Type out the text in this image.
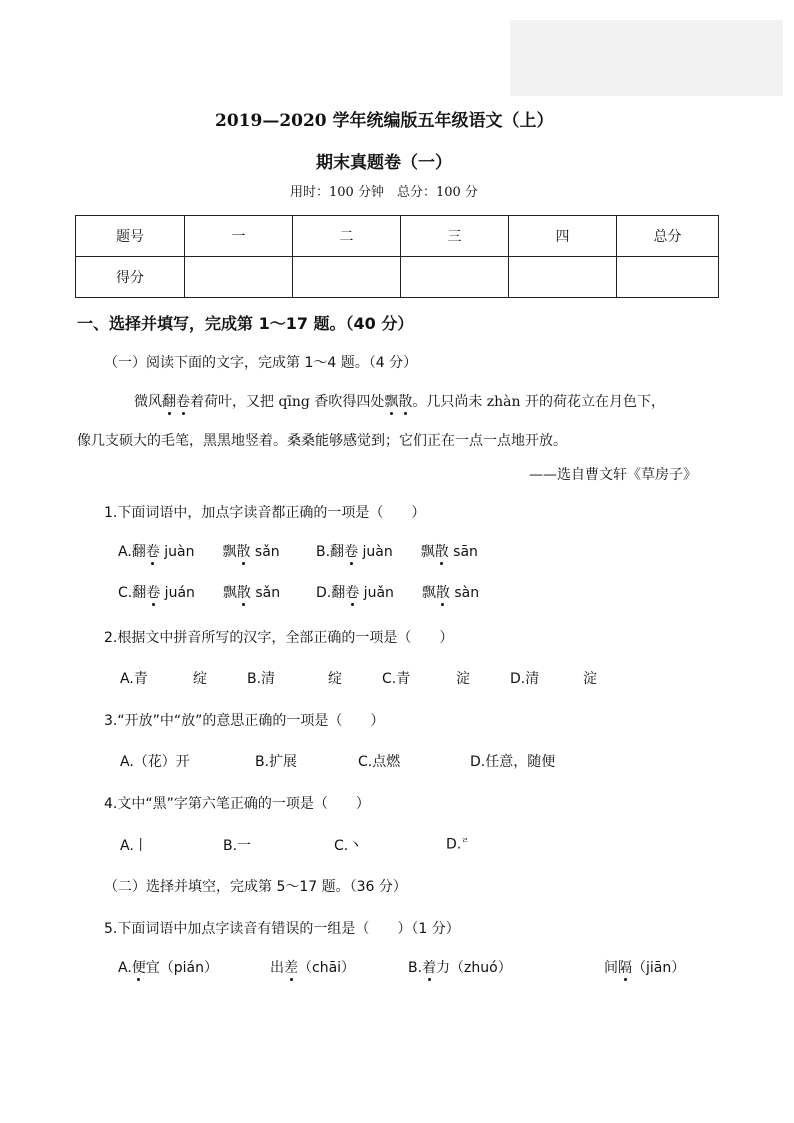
2019—2020 学年统编版五年级语文（上）
期末真题卷（一）
用时：100 分钟　总分：100 分
题号	一	二	三	四	总分
得分					
一、选择并填写，完成第 1～17 题。（40 分）
（一）阅读下面的文字，完成第 1～4 题。（4 分）
微风翻卷着荷叶，又把 qīng 香吹得四处飘散。几只尚未 zhàn 开的荷花立在月色下，
像几支硕大的毛笔，黑黑地竖着。桑桑能够感觉到；它们正在一点一点地开放。
——选自曹文轩《草房子》
1.下面词语中，加点字读音都正确的一项是（　　）
A.翻卷 juàn　　 飘散 sǎn	B.翻卷 juàn　　 飘散 sān
C.翻卷 juán　　 飘散 sǎn	D.翻卷 juǎn　　 飘散 sàn
2.根据文中拼音所写的汉字，全部正确的一项是（　　）
A.青	绽	B.清	绽	C.青	淀	D.清	淀
3.“开放”中“放”的意思正确的一项是（　　）
A.（花）开	B.扩展	C.点燃	D.任意，随便
4.文中“黑”字第六笔正确的一项是（　　）
A.丨	B.一	C.丶	D.$^ㄹ$
（二）选择并填空，完成第 5～17 题。（36 分）
5.下面词语中加点字读音有错误的一组是（　　）（1 分）
A.便宜（pián）	出差（chāi）	B.着力（zhuó）	间隔（jiān）
